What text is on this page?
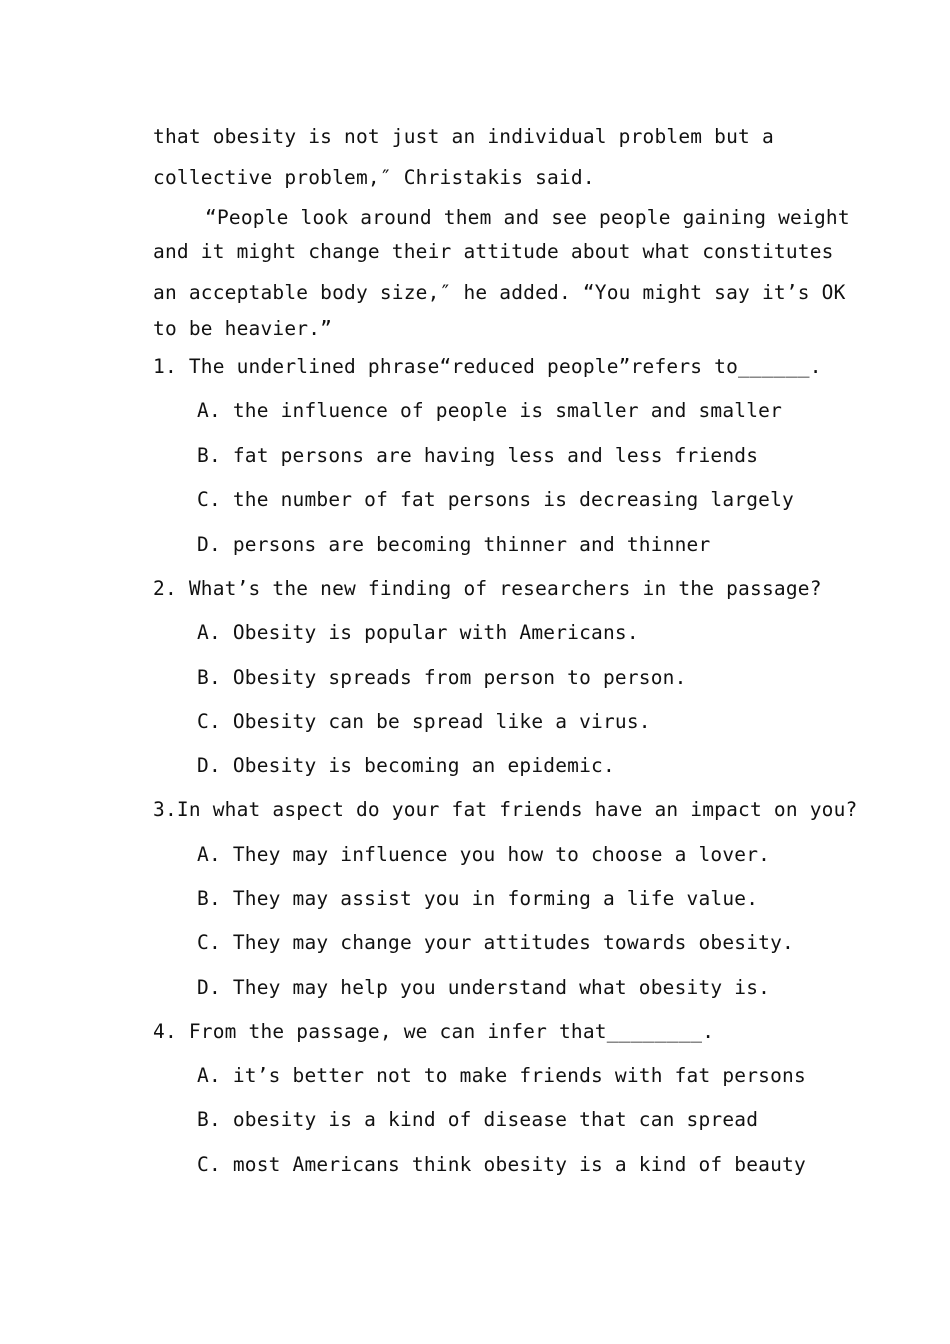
that obesity is not just an individual problem but a
collective problem,″ Christakis said.
“People look around them and see people gaining weight
and it might change their attitude about what constitutes
an acceptable body size,″ he added. “You might say it’s OK
to be heavier.”
1. The underlined phrase“reduced people”refers to______.
A. the influence of people is smaller and smaller
B. fat persons are having less and less friends
C. the number of fat persons is decreasing largely
D. persons are becoming thinner and thinner
2. What’s the new finding of researchers in the passage?
A. Obesity is popular with Americans.
B. Obesity spreads from person to person.
C. Obesity can be spread like a virus.
D. Obesity is becoming an epidemic.
3.In what aspect do your fat friends have an impact on you?
A. They may influence you how to choose a lover.
B. They may assist you in forming a life value.
C. They may change your attitudes towards obesity.
D. They may help you understand what obesity is.
4. From the passage, we can infer that________.
A. it’s better not to make friends with fat persons
B. obesity is a kind of disease that can spread
C. most Americans think obesity is a kind of beauty
